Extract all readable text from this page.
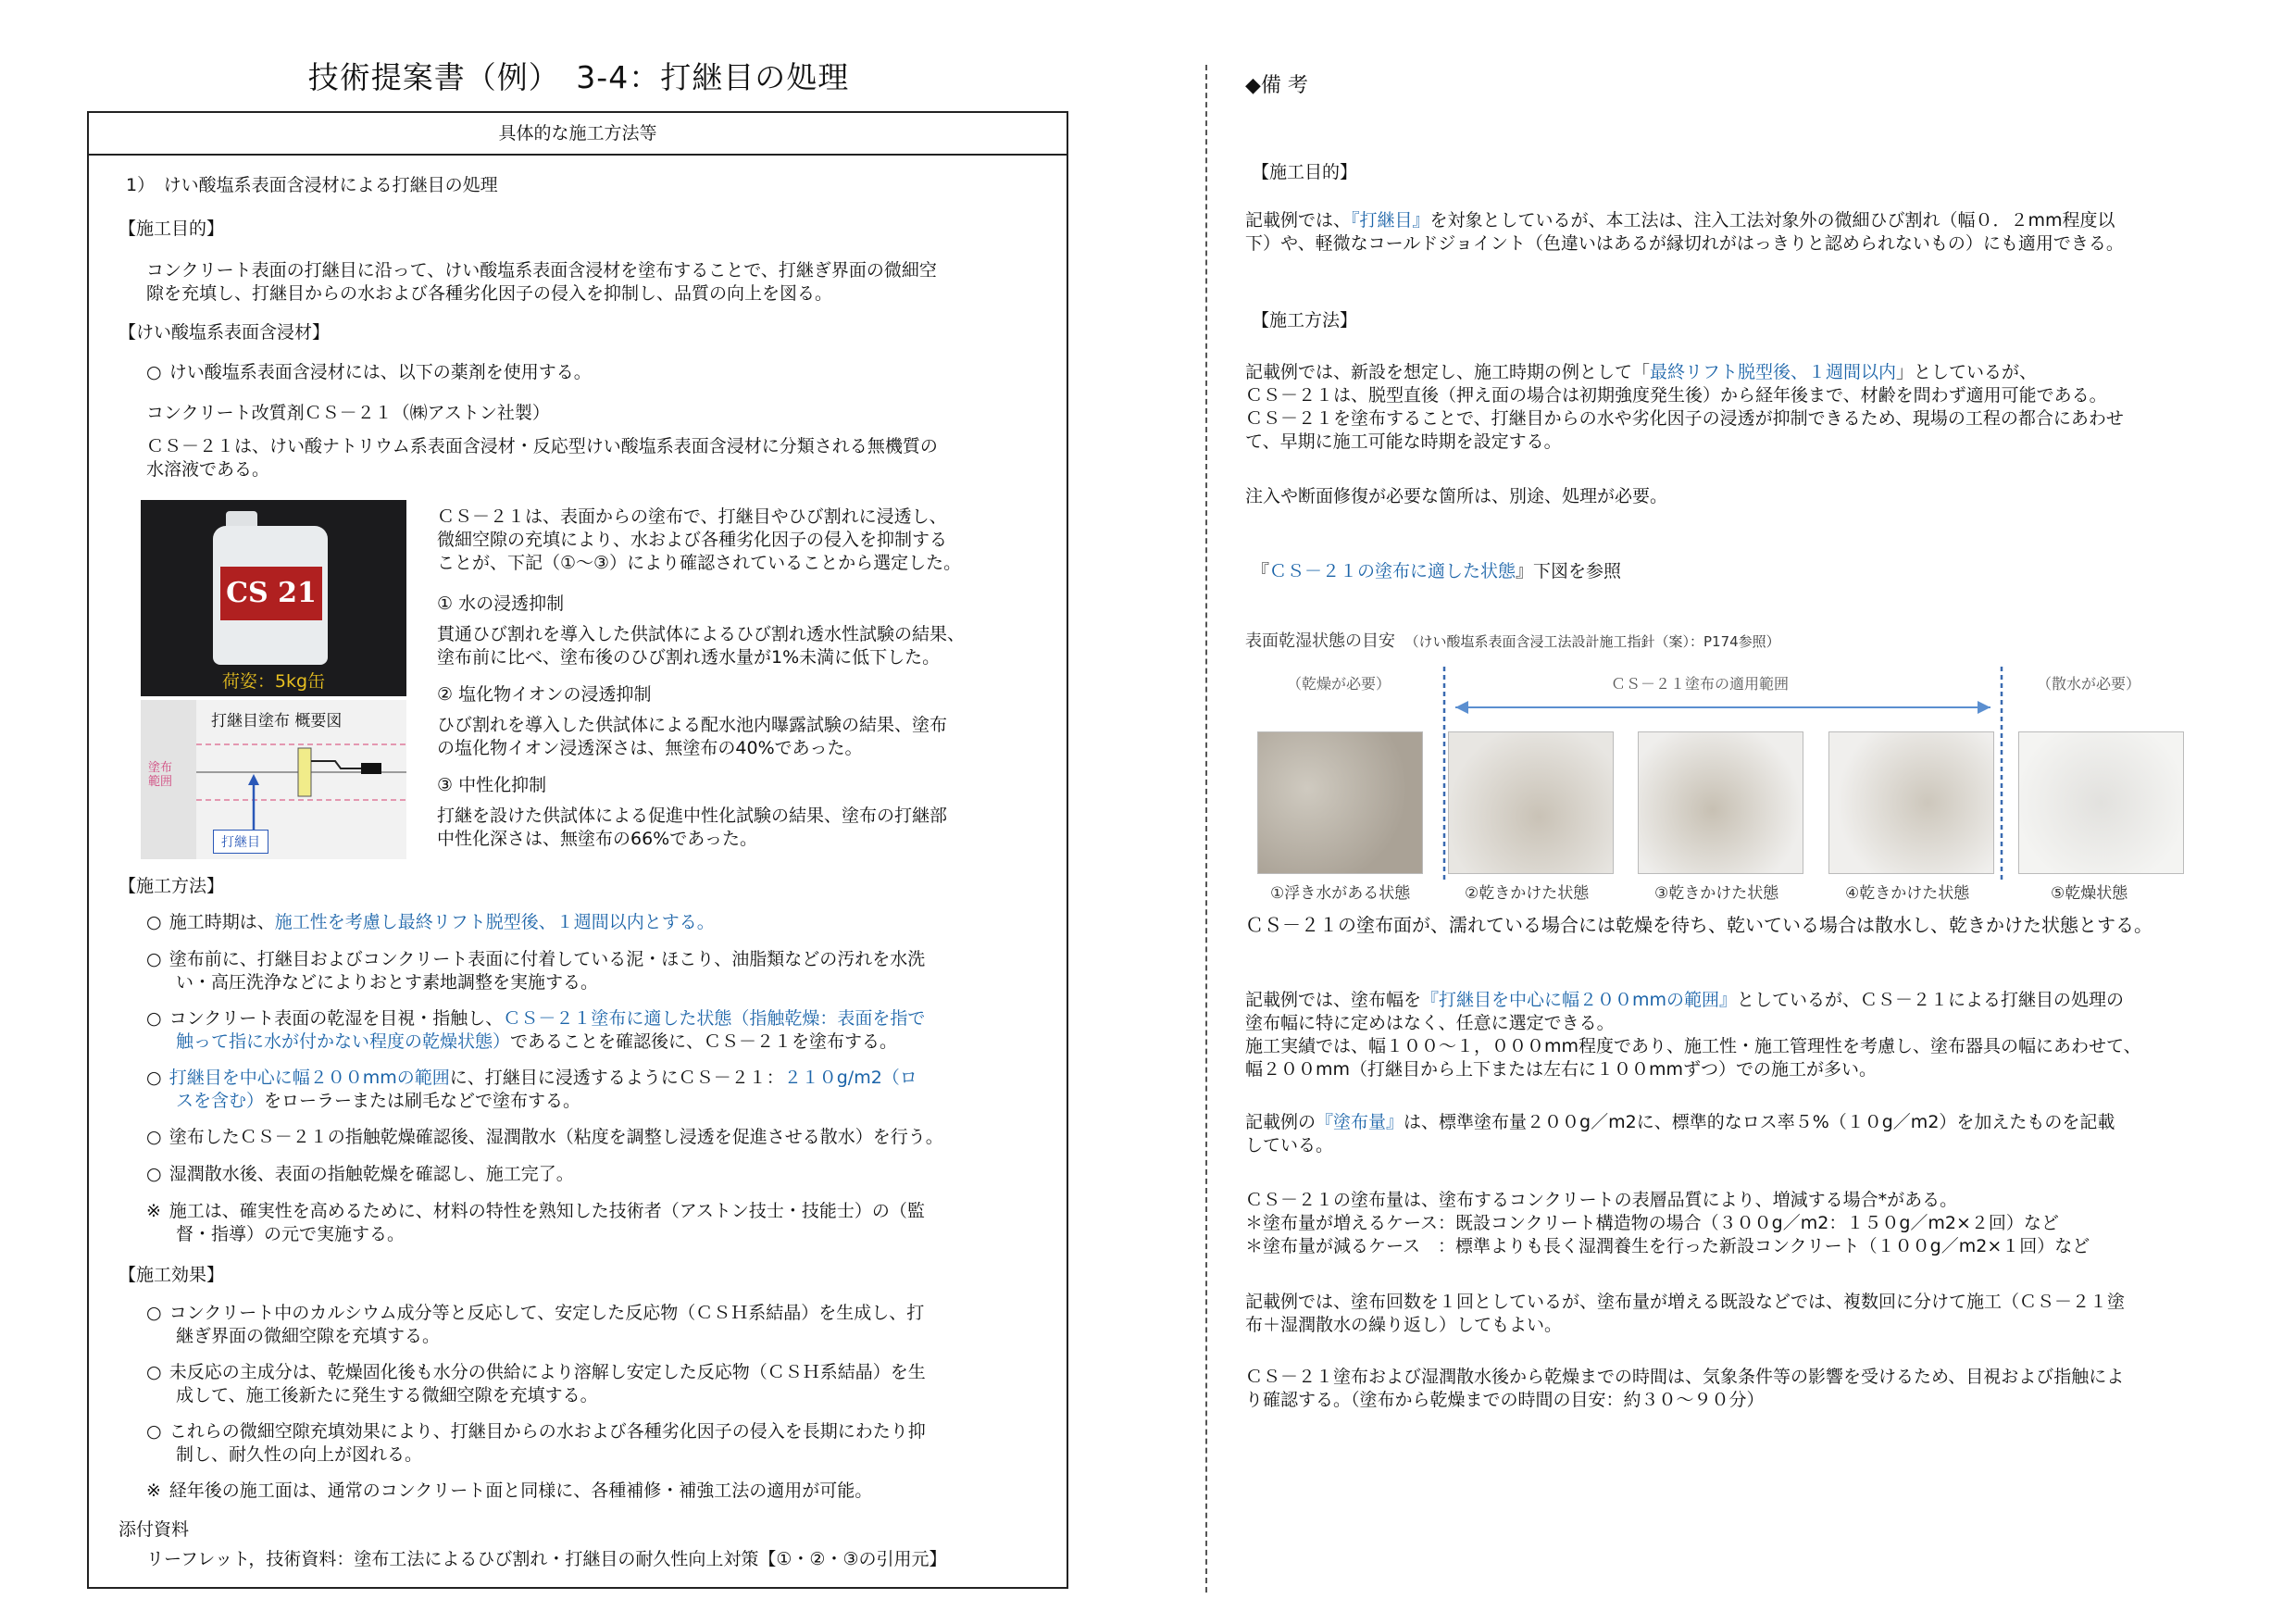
技術提案書（例）　3-4：打継目の処理
具体的な施工方法等
1）　けい酸塩系表面含浸材による打継目の処理
【施工目的】
コンクリート表面の打継目に沿って、けい酸塩系表面含浸材を塗布することで、打継ぎ界面の微細空
隙を充填し、打継目からの水および各種劣化因子の侵入を抑制し、品質の向上を図る。
【けい酸塩系表面含浸材】
○ けい酸塩系表面含浸材には、以下の薬剤を使用する。
コンクリート改質剤ＣＳ－２１（㈱アストン社製）
ＣＳ－２１は、けい酸ナトリウム系表面含浸材・反応型けい酸塩系表面含浸材に分類される無機質の
水溶液である。
CS 21
荷姿：5kg缶
打継目塗布 概要図
塗布範囲
打継目
ＣＳ－２１は、表面からの塗布で、打継目やひび割れに浸透し、
微細空隙の充填により、水および各種劣化因子の侵入を抑制する
ことが、下記（①～③）により確認されていることから選定した。
① 水の浸透抑制
貫通ひび割れを導入した供試体によるひび割れ透水性試験の結果、
塗布前に比べ、塗布後のひび割れ透水量が1%未満に低下した。
② 塩化物イオンの浸透抑制
ひび割れを導入した供試体による配水池内曝露試験の結果、塗布
の塩化物イオン浸透深さは、無塗布の40%であった。
③ 中性化抑制
打継を設けた供試体による促進中性化試験の結果、塗布の打継部
中性化深さは、無塗布の66%であった。
【施工方法】
○ 施工時期は、施工性を考慮し最終リフト脱型後、１週間以内とする。
○ 塗布前に、打継目およびコンクリート表面に付着している泥・ほこり、油脂類などの汚れを水洗
い・高圧洗浄などによりおとす素地調整を実施する。
○ コンクリート表面の乾湿を目視・指触し、ＣＳ－２１塗布に適した状態（指触乾燥：表面を指で
触って指に水が付かない程度の乾燥状態）であることを確認後に、ＣＳ－２１を塗布する。
○ 打継目を中心に幅２００mmの範囲に、打継目に浸透するようにＣＳ－２１：２１０g/m2（ロ
スを含む）をローラーまたは刷毛などで塗布する。
○ 塗布したＣＳ－２１の指触乾燥確認後、湿潤散水（粘度を調整し浸透を促進させる散水）を行う。
○ 湿潤散水後、表面の指触乾燥を確認し、施工完了。
※ 施工は、確実性を高めるために、材料の特性を熟知した技術者（アストン技士・技能士）の（監
督・指導）の元で実施する。
【施工効果】
○ コンクリート中のカルシウム成分等と反応して、安定した反応物（ＣＳＨ系結晶）を生成し、打
継ぎ界面の微細空隙を充填する。
○ 未反応の主成分は、乾燥固化後も水分の供給により溶解し安定した反応物（ＣＳＨ系結晶）を生
成して、施工後新たに発生する微細空隙を充填する。
○ これらの微細空隙充填効果により、打継目からの水および各種劣化因子の侵入を長期にわたり抑
制し、耐久性の向上が図れる。
※ 経年後の施工面は、通常のコンクリート面と同様に、各種補修・補強工法の適用が可能。
添付資料
リーフレット，技術資料：塗布工法によるひび割れ・打継目の耐久性向上対策【①・②・③の引用元】
◆備 考
【施工目的】
記載例では、『打継目』を対象としているが、本工法は、注入工法対象外の微細ひび割れ（幅０．２mm程度以
下）や、軽微なコールドジョイント（色違いはあるが縁切れがはっきりと認められないもの）にも適用できる。
【施工方法】
記載例では、新設を想定し、施工時期の例として「最終リフト脱型後、１週間以内」としているが、
ＣＳ－２１は、脱型直後（押え面の場合は初期強度発生後）から経年後まで、材齢を問わず適用可能である。
ＣＳ－２１を塗布することで、打継目からの水や劣化因子の浸透が抑制できるため、現場の工程の都合にあわせ
て、早期に施工可能な時期を設定する。
注入や断面修復が必要な箇所は、別途、処理が必要。
『ＣＳ－２１の塗布に適した状態』下図を参照
表面乾湿状態の目安　 （けい酸塩系表面含浸工法設計施工指針（案）：P174参照）
（乾燥が必要）	ＣＳ－２１塗布の適用範囲	（散水が必要）
①浮き水がある状態	②乾きかけた状態	③乾きかけた状態	④乾きかけた状態	⑤乾燥状態
ＣＳ－２１の塗布面が、濡れている場合には乾燥を待ち、乾いている場合は散水し、乾きかけた状態とする。
記載例では、塗布幅を『打継目を中心に幅２００mmの範囲』としているが、ＣＳ－２１による打継目の処理の
塗布幅に特に定めはなく、任意に選定できる。
施工実績では、幅１００～１，０００mm程度であり、施工性・施工管理性を考慮し、塗布器具の幅にあわせて、
幅２００mm（打継目から上下または左右に１００mmずつ）での施工が多い。
記載例の『塗布量』は、標準塗布量２００g／m2に、標準的なロス率５%（１０g／m2）を加えたものを記載
している。
ＣＳ－２１の塗布量は、塗布するコンクリートの表層品質により、増減する場合*がある。
＊塗布量が増えるケース：既設コンクリート構造物の場合（３００g／m2：１５０g／m2×２回）など
＊塗布量が減るケース　：標準よりも長く湿潤養生を行った新設コンクリート（１００g／m2×１回）など
記載例では、塗布回数を１回としているが、塗布量が増える既設などでは、複数回に分けて施工（ＣＳ－２１塗
布＋湿潤散水の繰り返し）してもよい。
ＣＳ－２１塗布および湿潤散水後から乾燥までの時間は、気象条件等の影響を受けるため、目視および指触によ
り確認する。（塗布から乾燥までの時間の目安：約３０～９０分）
